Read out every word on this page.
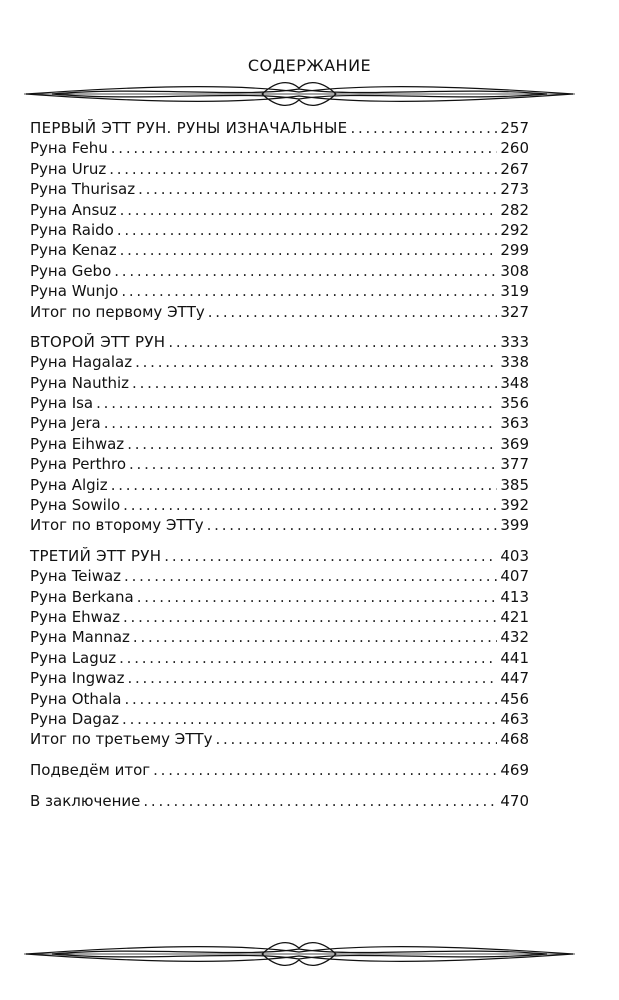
СОДЕРЖАНИЕ
ПЕРВЫЙ ЭТТ РУН. РУНЫ ИЗНАЧАЛЬНЫЕ . . .	257
Руна Fehu . . .	260
Руна Uruz . . .	267
Руна Thurisaz . . .	273
Руна Ansuz . . .	282
Руна Raido . . .	292
Руна Kenaz . . .	299
Руна Gebo . . .	308
Руна Wunjo . . .	319
Итог по первому ЭТТу . . .	327
ВТОРОЙ ЭТТ РУН . . .	333
Руна Hagalaz . . .	338
Руна Nauthiz . . .	348
Руна Isa . . .	356
Руна Jera . . .	363
Руна Eihwaz . . .	369
Руна Perthro . . .	377
Руна Algiz . . .	385
Руна Sowilo . . .	392
Итог по второму ЭТТу . . .	399
ТРЕТИЙ ЭТТ РУН . . .	403
Руна Teiwaz . . .	407
Руна Berkana . . .	413
Руна Ehwaz . . .	421
Руна Mannaz . . .	432
Руна Laguz . . .	441
Руна Ingwaz . . .	447
Руна Othala . . .	456
Руна Dagaz . . .	463
Итог по третьему ЭТТу . . .	468
Подведём итог . . .	469
В заключение . . .	470
